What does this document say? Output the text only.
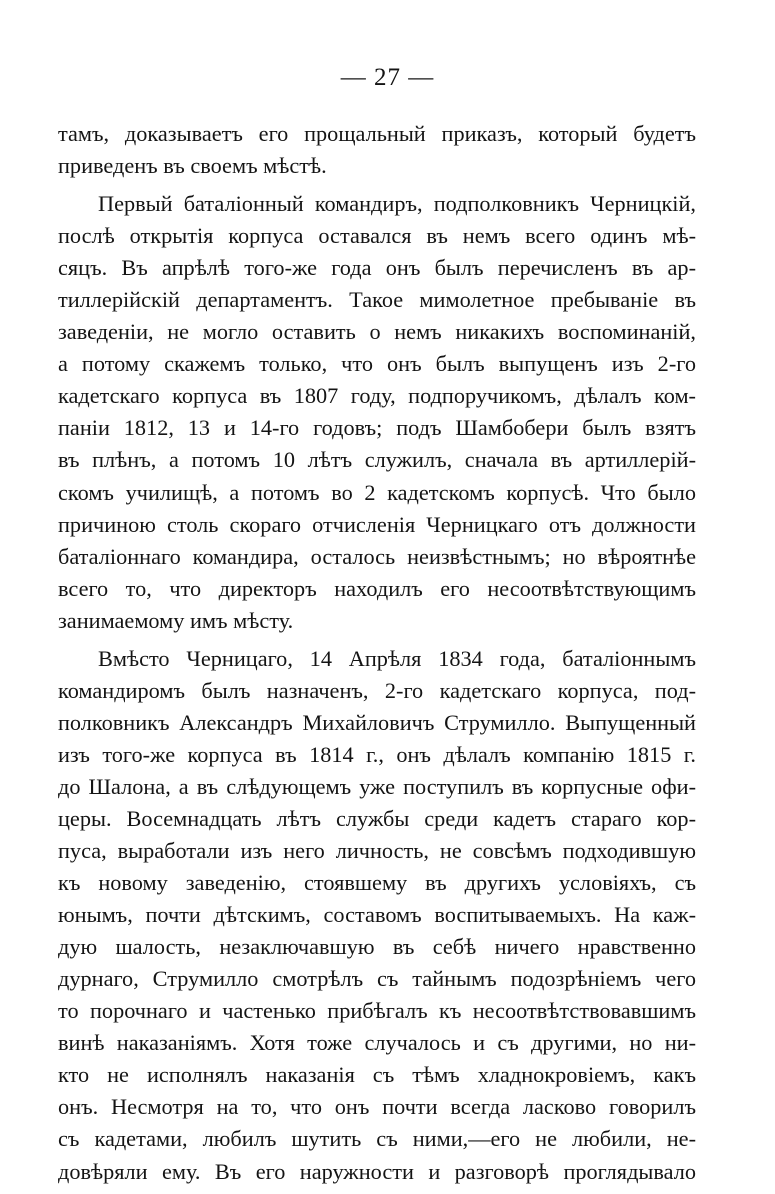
— 27 —
тамъ, доказываетъ его прощальный приказъ, который будетъ
приведенъ въ своемъ мѣстѣ.
Первый баталіонный командиръ, подполковникъ Черницкій,
послѣ открытія корпуса оставался въ немъ всего одинъ мѣ-
сяцъ. Въ апрѣлѣ того-же года онъ былъ перечисленъ въ ар-
тиллерійскій департаментъ. Такое мимолетное пребываніе въ
заведеніи, не могло оставить о немъ никакихъ воспоминаній,
а потому скажемъ только, что онъ былъ выпущенъ изъ 2-го
кадетскаго корпуса въ 1807 году, подпоручикомъ, дѣлалъ ком-
паніи 1812, 13 и 14-го годовъ; подъ Шамбобери былъ взятъ
въ плѣнъ, а потомъ 10 лѣтъ служилъ, сначала въ артиллерій-
скомъ училищѣ, а потомъ во 2 кадетскомъ корпусѣ. Что было
причиною столь скораго отчисленія Черницкаго отъ должности
баталіоннаго командира, осталось неизвѣстнымъ; но вѣроятнѣе
всего то, что директоръ находилъ его несоотвѣтствующимъ
занимаемому имъ мѣсту.
Вмѣсто Черницаго, 14 Апрѣля 1834 года, баталіоннымъ
командиромъ былъ назначенъ, 2-го кадетскаго корпуса, под-
полковникъ Александръ Михайловичъ Струмилло. Выпущенный
изъ того-же корпуса въ 1814 г., онъ дѣлалъ компанію 1815 г.
до Шалона, а въ слѣдующемъ уже поступилъ въ корпусные офи-
церы. Восемнадцать лѣтъ службы среди кадетъ стараго кор-
пуса, выработали изъ него личность, не совсѣмъ подходившую
къ новому заведенію, стоявшему въ другихъ условіяхъ, съ
юнымъ, почти дѣтскимъ, составомъ воспитываемыхъ. На каж-
дую шалость, незаключавшую въ себѣ ничего нравственно
дурнаго, Струмилло смотрѣлъ съ тайнымъ подозрѣніемъ чего
то порочнаго и частенько прибѣгалъ къ несоотвѣтствовавшимъ
винѣ наказаніямъ. Хотя тоже случалось и съ другими, но ни-
кто не исполнялъ наказанія съ тѣмъ хладнокровіемъ, какъ
онъ. Несмотря на то, что онъ почти всегда ласково говорилъ
съ кадетами, любилъ шутить съ ними,—его не любили, не-
довѣряли ему. Въ его наружности и разговорѣ проглядывало
